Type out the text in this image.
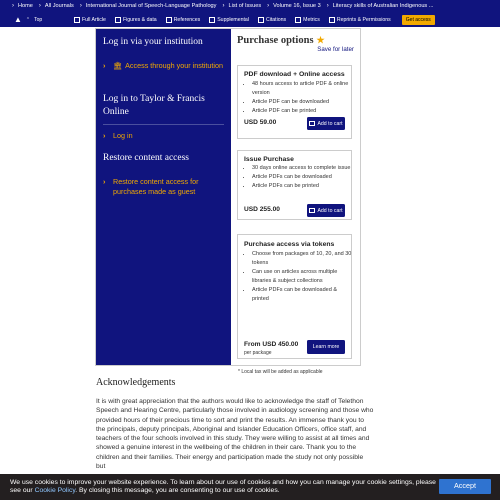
› Home › All Journals › International Journal of Speech-Language Pathology › List of Issues › Volume 16, Issue 3 › Literacy skills of Australian Indigenous ...
▲ ⌃ Top	Full Article	Figures & data	References	Supplemental	Citations	Metrics	Reprints & Permissions	Get access
Log in via your institution
› 🏛 Access through your institution
Log in to Taylor & Francis Online
› Log in
Restore content access
› Restore content access for purchases made as guest
Purchase options ★
Save for later
PDF download + Online access
• 48 hours access to article PDF & online version
• Article PDF can be downloaded
• Article PDF can be printed
USD 59.00	Add to cart
Issue Purchase
• 30 days online access to complete issue
• Article PDFs can be downloaded
• Article PDFs can be printed
USD 255.00	Add to cart
Purchase access via tokens
• Choose from packages of 10, 20, and 30 tokens
• Can use on articles across multiple libraries & subject collections
• Article PDFs can be downloaded & printed
From USD 450.00
per package
Learn more
* Local tax will be added as applicable
Acknowledgements
It is with great appreciation that the authors would like to acknowledge the staff of Telethon Speech and Hearing Centre, particularly those involved in audiology screening and those who provided hours of their precious time to sort and print the results. An immense thank you to the principals, deputy principals, Aboriginal and Islander Education Officers, office staff, and teachers of the four schools involved in this study. They were willing to assist at all times and showed a genuine interest in the wellbeing of the children in their care. Thank you to the children and their families. Their energy and participation made the study not only possible but
We use cookies to improve your website experience. To learn about our use of cookies and how you can manage your cookie settings, please see our Cookie Policy. By closing this message, you are consenting to our use of cookies.
Accept
